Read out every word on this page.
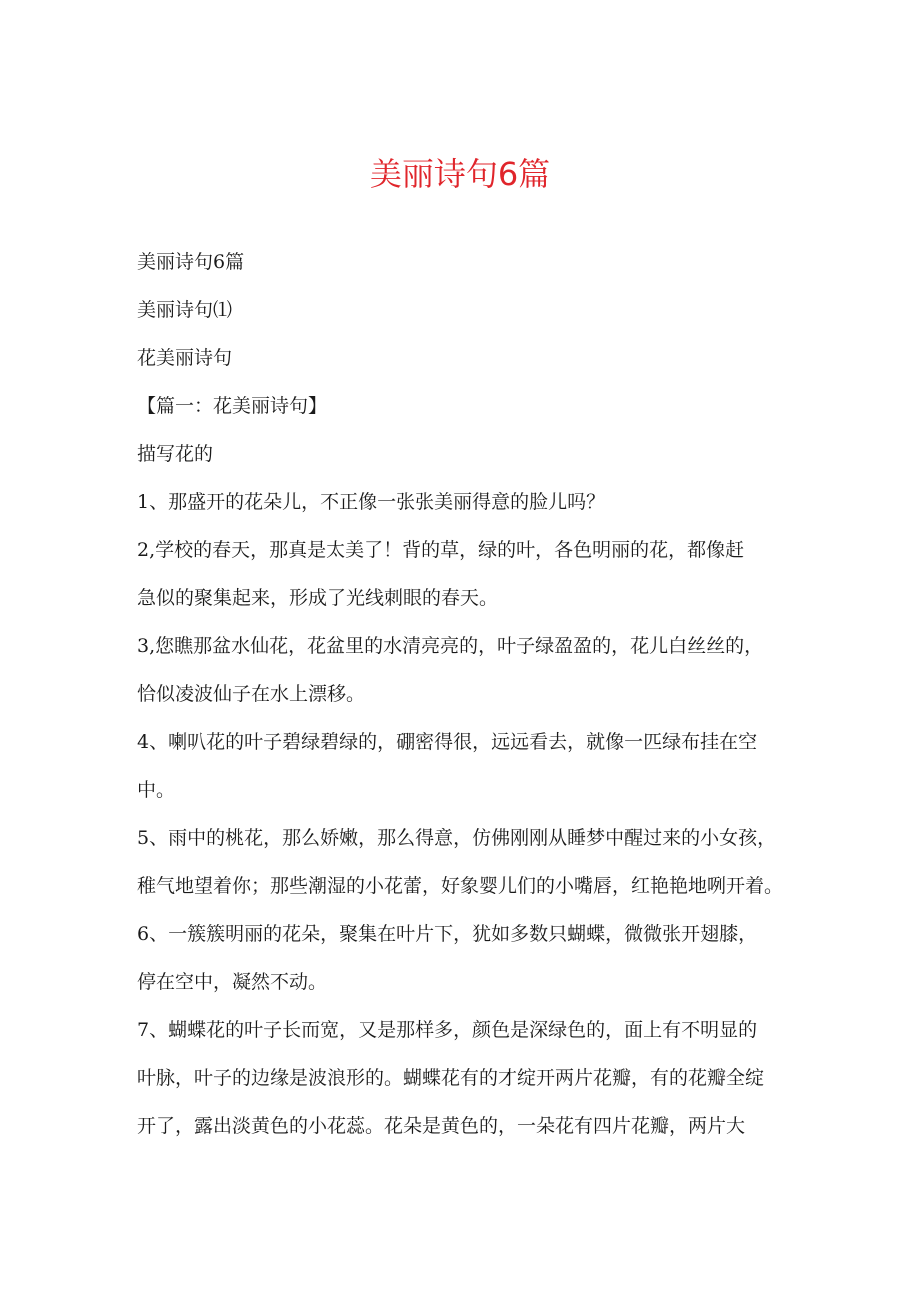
美丽诗句6篇

美丽诗句6篇

美丽诗句⑴

花美丽诗句

【篇一：花美丽诗句】

描写花的

1、那盛开的花朵儿，不正像一张张美丽得意的脸儿吗？

2,学校的春天，那真是太美了！背的草，绿的叶，各色明丽的花，都像赶

急似的聚集起来，形成了光线刺眼的春天。

3,您瞧那盆水仙花，花盆里的水清亮亮的，叶子绿盈盈的，花儿白丝丝的，

恰似凌波仙子在水上漂移。

4、喇叭花的叶子碧绿碧绿的，硼密得很，远远看去，就像一匹绿布挂在空

中。

5、雨中的桃花，那么娇嫩，那么得意，仿佛刚刚从睡梦中醒过来的小女孩，

稚气地望着你；那些潮湿的小花蕾，好象婴儿们的小嘴唇，红艳艳地咧开着。

6、一簇簇明丽的花朵，聚集在叶片下，犹如多数只蝴蝶，微微张开翅膝，

停在空中，凝然不动。

7、蝴蝶花的叶子长而宽，又是那样多，颜色是深绿色的，面上有不明显的

叶脉，叶子的边缘是波浪形的。蝴蝶花有的才绽开两片花瓣，有的花瓣全绽

开了，露出淡黄色的小花蕊。花朵是黄色的，一朵花有四片花瓣，两片大
